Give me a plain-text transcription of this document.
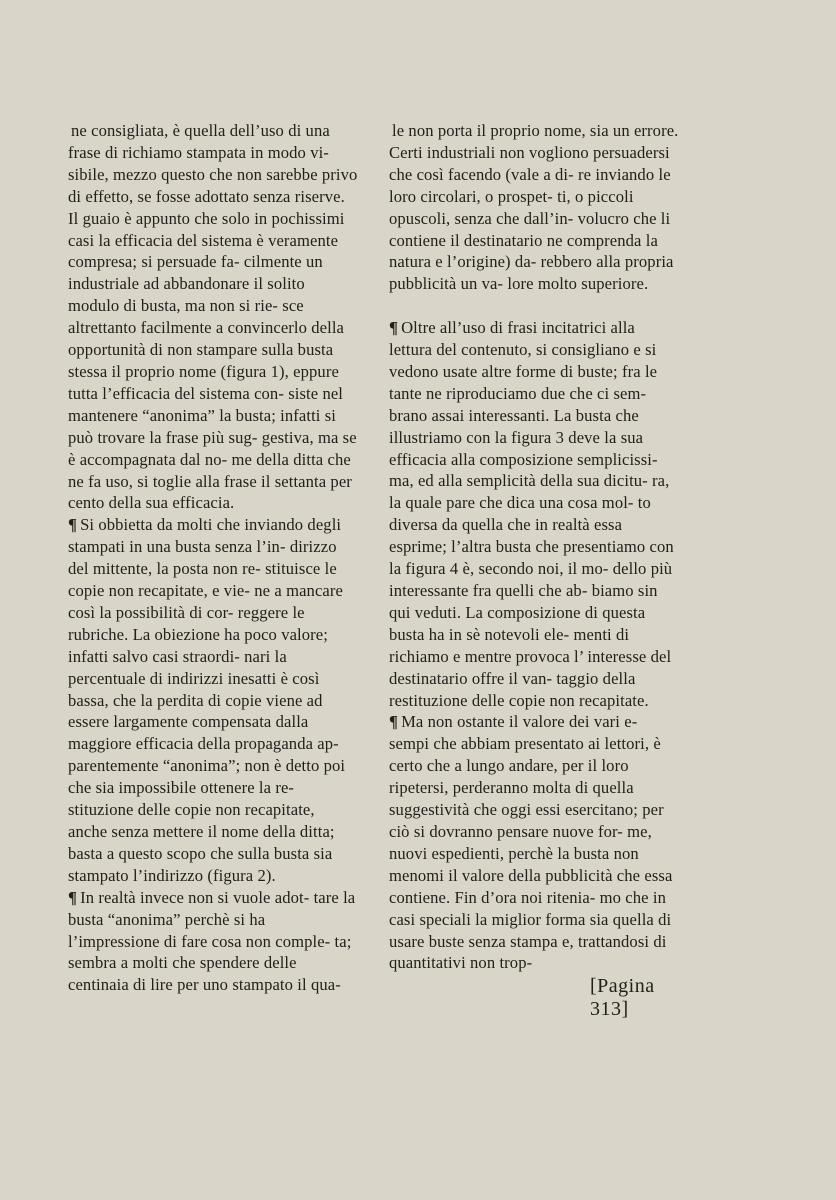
ne consigliata, è quella dell’uso di una frase di richiamo stampata in modo vi- sibile, mezzo questo che non sarebbe privo di effetto, se fosse adottato senza riserve. Il guaio è appunto che solo in pochissimi casi la efficacia del sistema è veramente compresa; si persuade fa- cilmente un industriale ad abbandonare il solito modulo di busta, ma non si rie- sce altrettanto facilmente a convincerlo della opportunità di non stampare sulla busta stessa il proprio nome (figura 1), eppure tutta l’efficacia del sistema con- siste nel mantenere “anonima” la busta; infatti si può trovare la frase più sug- gestiva, ma se è accompagnata dal no- me della ditta che ne fa uso, si toglie alla frase il settanta per cento della sua efficacia.

¶ Si obbietta da molti che inviando degli stampati in una busta senza l’in- dirizzo del mittente, la posta non re- stituisce le copie non recapitate, e vie- ne a mancare così la possibilità di cor- reggere le rubriche. La obiezione ha poco valore; infatti salvo casi straordi- nari la percentuale di indirizzi inesatti è così bassa, che la perdita di copie viene ad essere largamente compensata dalla maggiore efficacia della propaganda ap- parentemente “anonima”; non è detto poi che sia impossibile ottenere la re- stituzione delle copie non recapitate, anche senza mettere il nome della ditta; basta a questo scopo che sulla busta sia stampato l’indirizzo (figura 2).

¶ In realtà invece non si vuole adot- tare la busta “anonima” perchè si ha l’impressione di fare cosa non comple- ta; sembra a molti che spendere delle centinaia di lire per uno stampato il qua-

le non porta il proprio nome, sia un errore. Certi industriali non vogliono persuadersi che così facendo (vale a di- re inviando le loro circolari, o prospet- ti, o piccoli opuscoli, senza che dall’in- volucro che li contiene il destinatario ne comprenda la natura e l’origine) da- rebbero alla propria pubblicità un va- lore molto superiore.

¶ Oltre all’uso di frasi incitatrici alla lettura del contenuto, si consigliano e si vedono usate altre forme di buste; fra le tante ne riproduciamo due che ci sem- brano assai interessanti. La busta che illustriamo con la figura 3 deve la sua efficacia alla composizione semplicissi- ma, ed alla semplicità della sua dicitu- ra, la quale pare che dica una cosa mol- to diversa da quella che in realtà essa esprime; l’altra busta che presentiamo con la figura 4 è, secondo noi, il mo- dello più interessante fra quelli che ab- biamo sin qui veduti. La composizione di questa busta ha in sè notevoli ele- menti di richiamo e mentre provoca l’ interesse del destinatario offre il van- taggio della restituzione delle copie non recapitate.

¶ Ma non ostante il valore dei vari e- sempi che abbiam presentato ai lettori, è certo che a lungo andare, per il loro ripetersi, perderanno molta di quella suggestività che oggi essi esercitano; per ciò si dovranno pensare nuove for- me, nuovi espedienti, perchè la busta non menomi il valore della pubblicità che essa contiene. Fin d’ora noi ritenia- mo che in casi speciali la miglior forma sia quella di usare buste senza stampa e, trattandosi di quantitativi non trop-

[Pagina 313]
